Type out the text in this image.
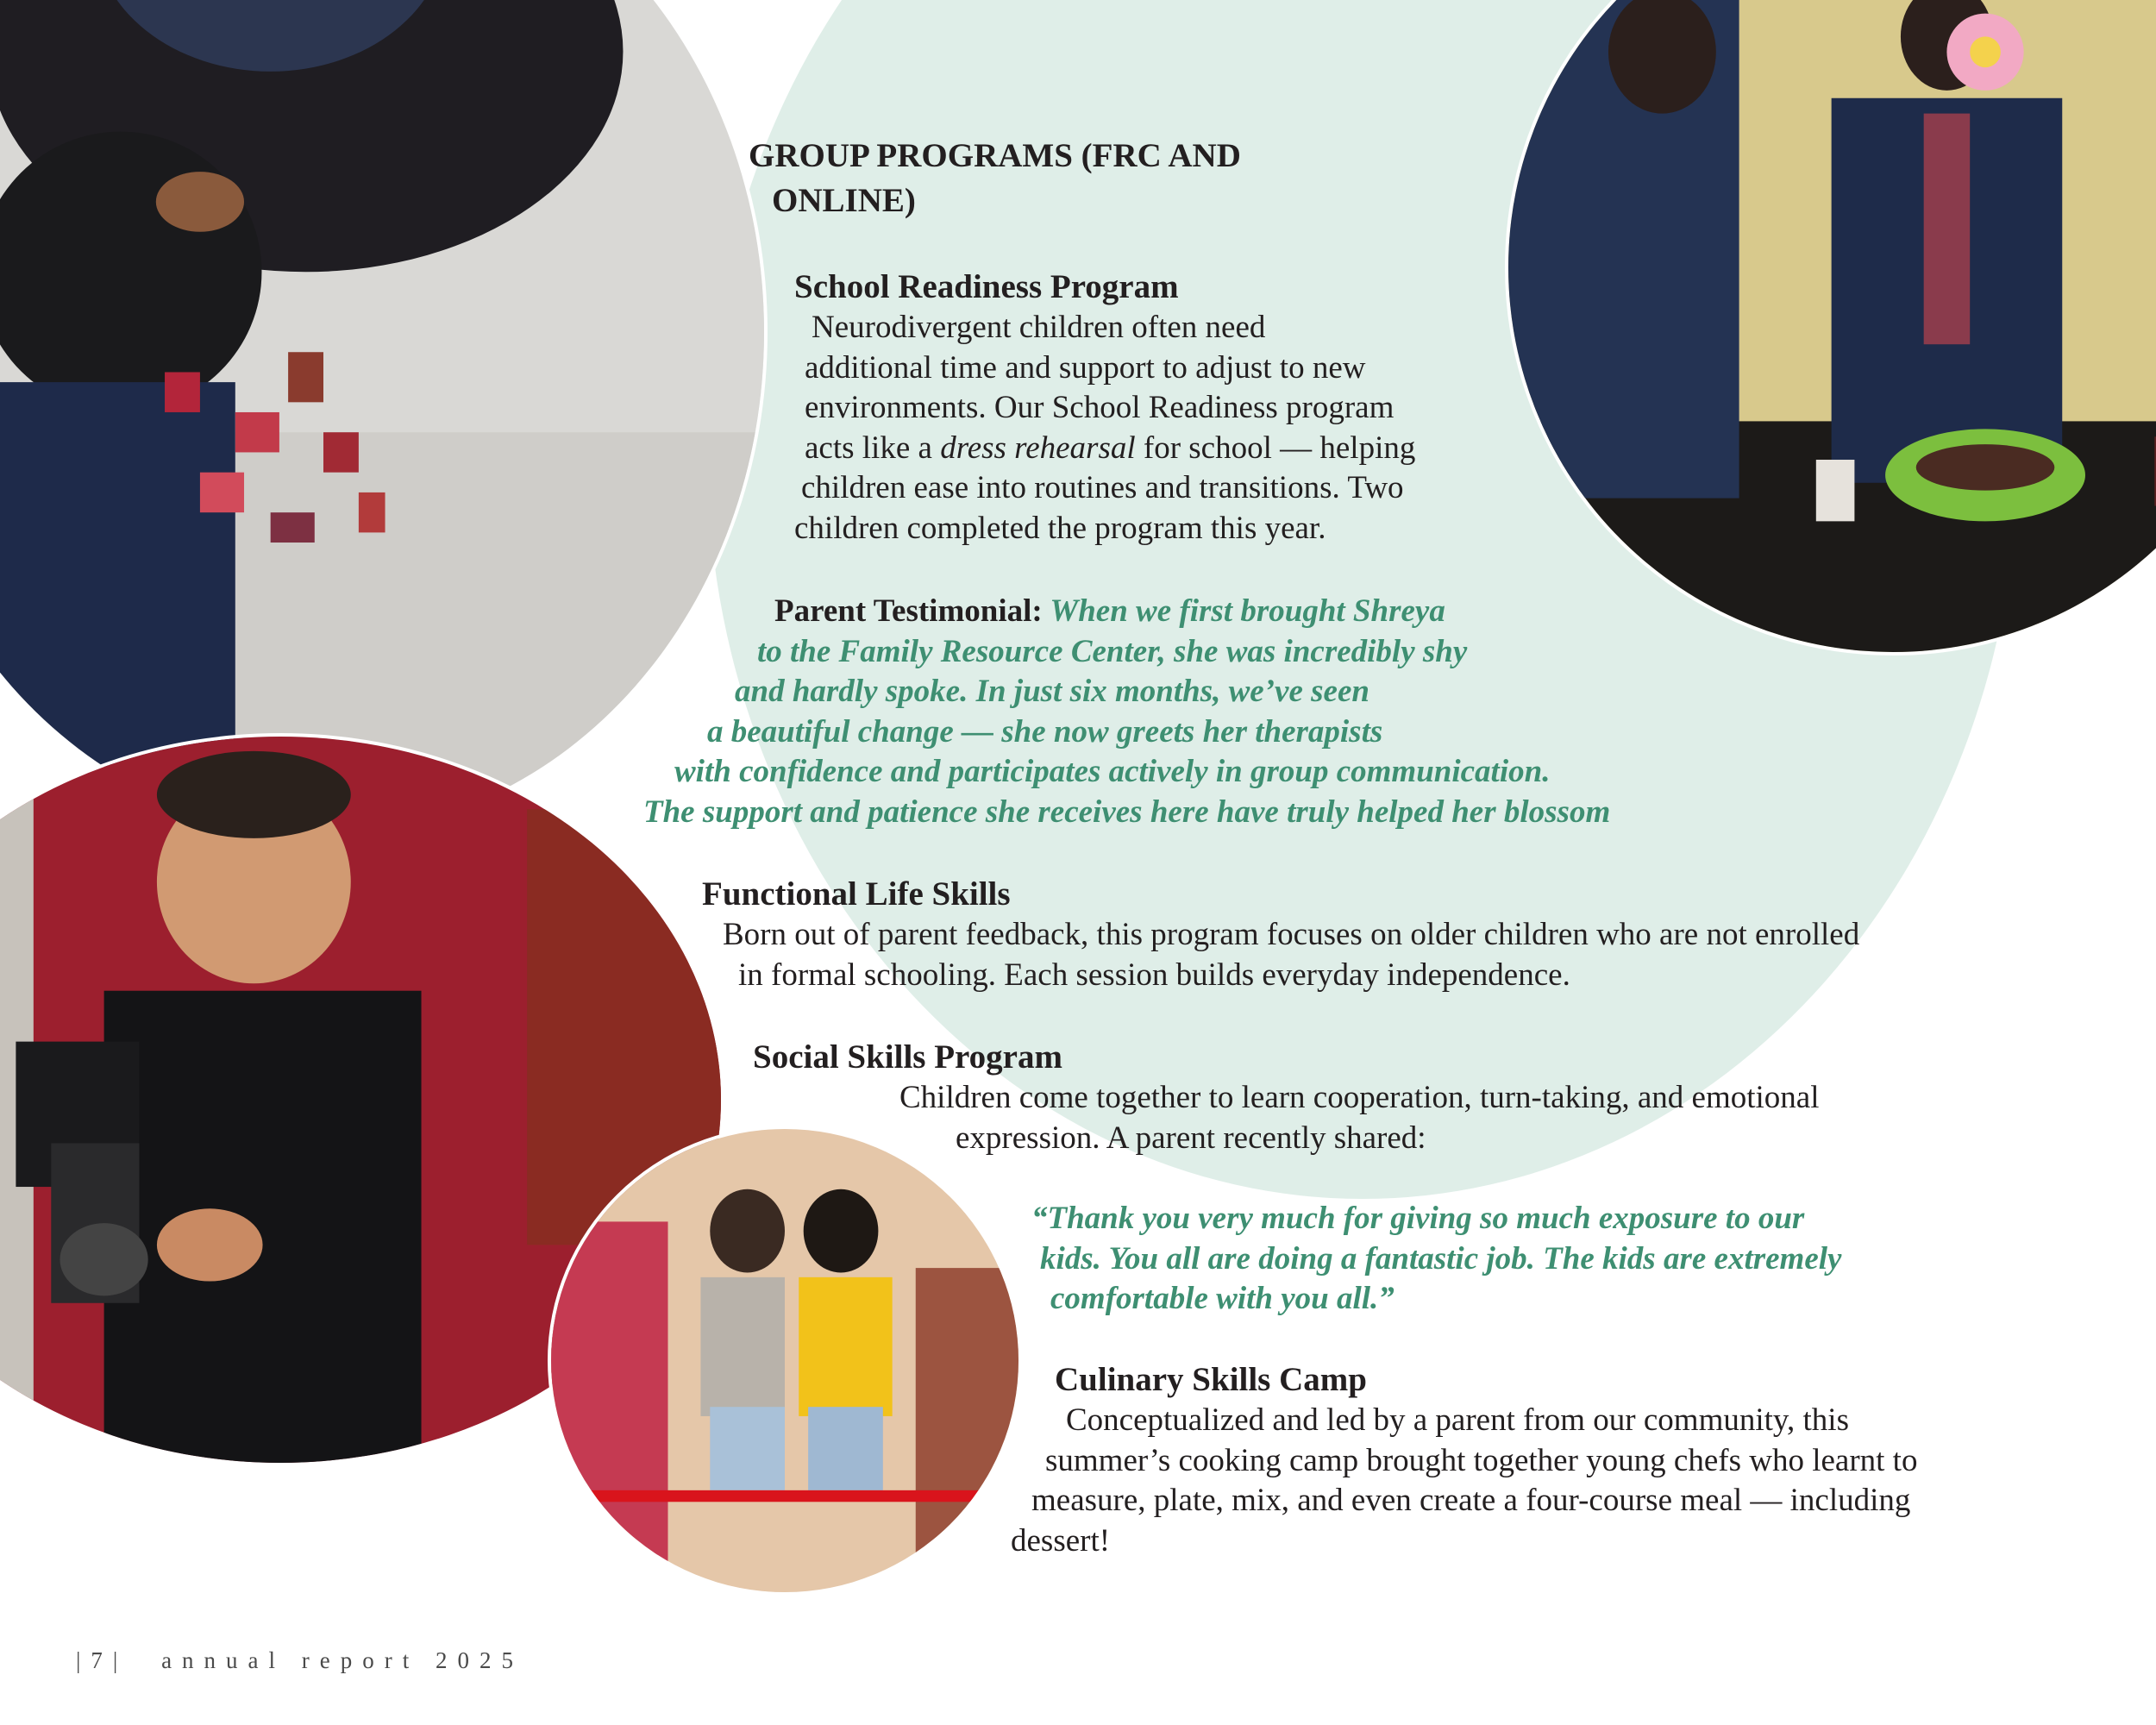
GROUP PROGRAMS (FRC AND
ONLINE)
School Readiness Program
Neurodivergent children often need
additional time and support to adjust to new
environments. Our School Readiness program
acts like a dress rehearsal for school — helping
children ease into routines and transitions. Two
children completed the program this year.
Parent Testimonial: When we first brought Shreya
to the Family Resource Center, she was incredibly shy
and hardly spoke. In just six months, we’ve seen
a beautiful change — she now greets her therapists
with confidence and participates actively in group communication.
The support and patience she receives here have truly helped her blossom
Functional Life Skills
Born out of parent feedback, this program focuses on older children who are not enrolled
in formal schooling. Each session builds everyday independence.
Social Skills Program
Children come together to learn cooperation, turn-taking, and emotional
expression. A parent recently shared:
“Thank you very much for giving so much exposure to our
kids. You all are doing a fantastic job. The kids are extremely
comfortable with you all.”
Culinary Skills Camp
Conceptualized and led by a parent from our community, this
summer’s cooking camp brought together young chefs who learnt to
measure, plate, mix, and even create a four-course meal — including
dessert!
|7| annual report 2025
